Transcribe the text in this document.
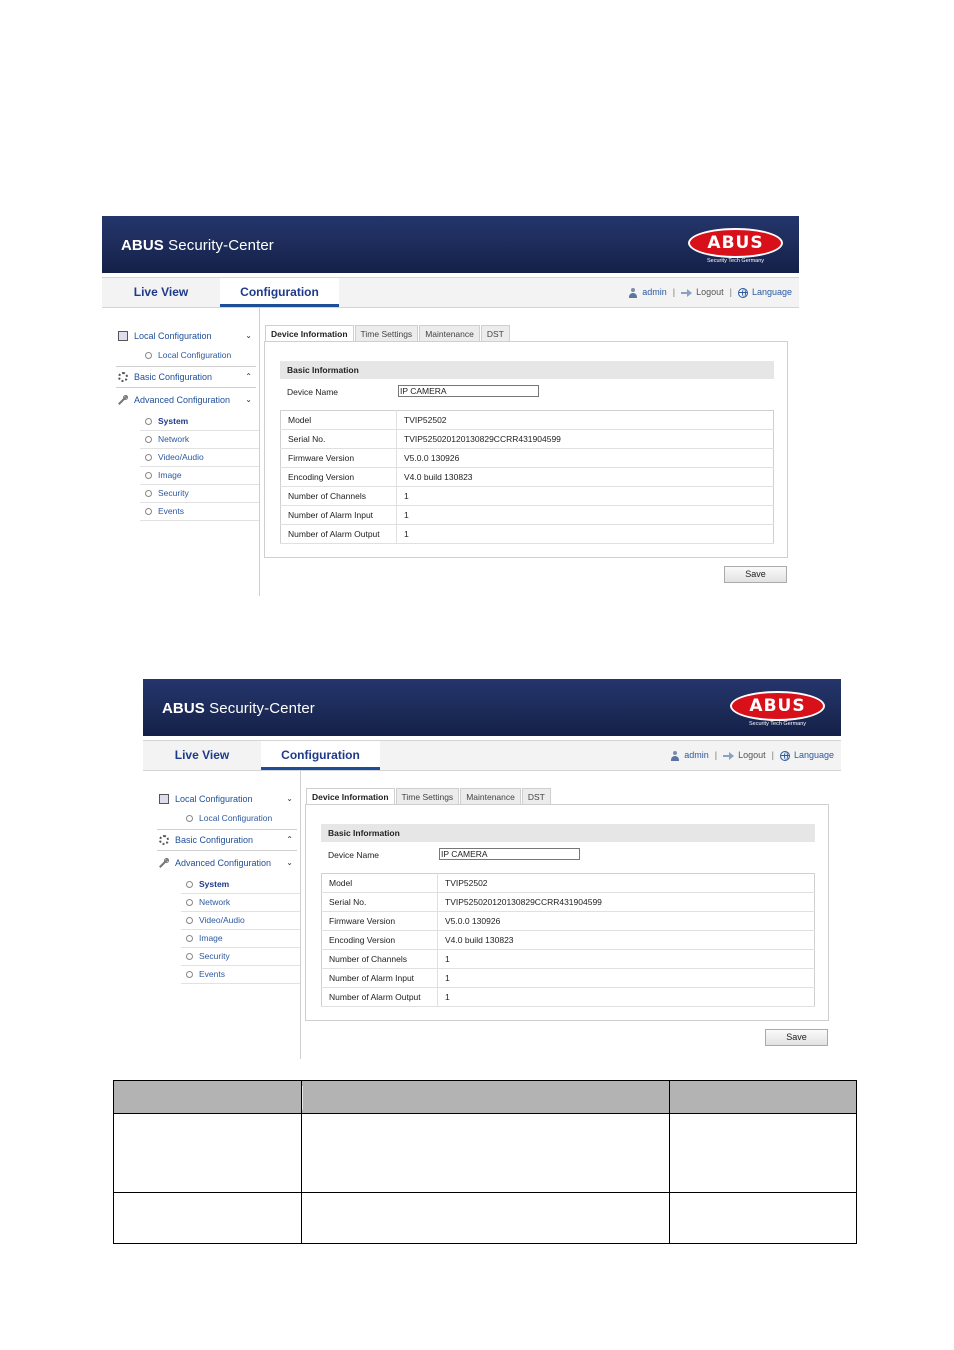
ABUS Security-Center	ABUS
Security Tech Germany
Live View	Configuration	admin | Logout | Language
Local Configuration	⌄
Local Configuration
Basic Configuration	⌃
Advanced Configuration ⌄
System
Network
Video/Audio
Image
Security
Events
Device Information	Time Settings	Maintenance	DST
Basic Information
Device Name	IP CAMERA
Model	TVIP52502
Serial No.	TVIP525020120130829CCRR431904599
Firmware Version	V5.0.0 130926
Encoding Version	V4.0 build 130823
Number of Channels	1
Number of Alarm Input	1
Number of Alarm Output	1
Save
ABUS Security-Center	ABUS
Security Tech Germany
Live View	Configuration	admin | Logout | Language
Local Configuration	⌄
Local Configuration
Basic Configuration	⌃
Advanced Configuration ⌄
System
Network
Video/Audio
Image
Security
Events
Device Information	Time Settings	Maintenance	DST
Basic Information
Device Name	IP CAMERA
Model	TVIP52502
Serial No.	TVIP525020120130829CCRR431904599
Firmware Version	V5.0.0 130926
Encoding Version	V4.0 build 130823
Number of Channels	1
Number of Alarm Input	1
Number of Alarm Output	1
Save
